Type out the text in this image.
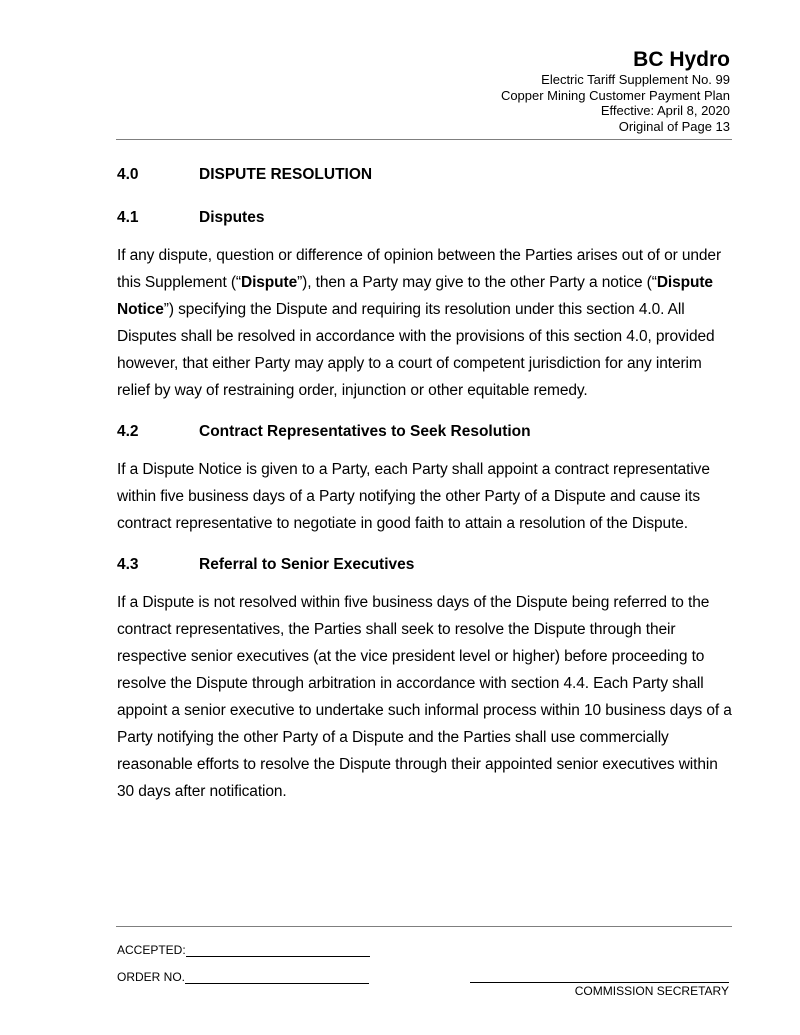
BC Hydro
Electric Tariff Supplement No. 99
Copper Mining Customer Payment Plan
Effective: April 8, 2020
Original of Page 13
4.0	DISPUTE RESOLUTION
4.1	Disputes

If any dispute, question or difference of opinion between the Parties arises out of or under this Supplement (“Dispute”), then a Party may give to the other Party a notice (“Dispute Notice”) specifying the Dispute and requiring its resolution under this section 4.0. All Disputes shall be resolved in accordance with the provisions of this section 4.0, provided however, that either Party may apply to a court of competent jurisdiction for any interim relief by way of restraining order, injunction or other equitable remedy.

4.2	Contract Representatives to Seek Resolution

If a Dispute Notice is given to a Party, each Party shall appoint a contract representative within five business days of a Party notifying the other Party of a Dispute and cause its contract representative to negotiate in good faith to attain a resolution of the Dispute.

4.3	Referral to Senior Executives

If a Dispute is not resolved within five business days of the Dispute being referred to the contract representatives, the Parties shall seek to resolve the Dispute through their respective senior executives (at the vice president level or higher) before proceeding to resolve the Dispute through arbitration in accordance with section 4.4. Each Party shall appoint a senior executive to undertake such informal process within 10 business days of a Party notifying the other Party of a Dispute and the Parties shall use commercially reasonable efforts to resolve the Dispute through their appointed senior executives within 30 days after notification.

ACCEPTED:
ORDER NO.
COMMISSION SECRETARY
